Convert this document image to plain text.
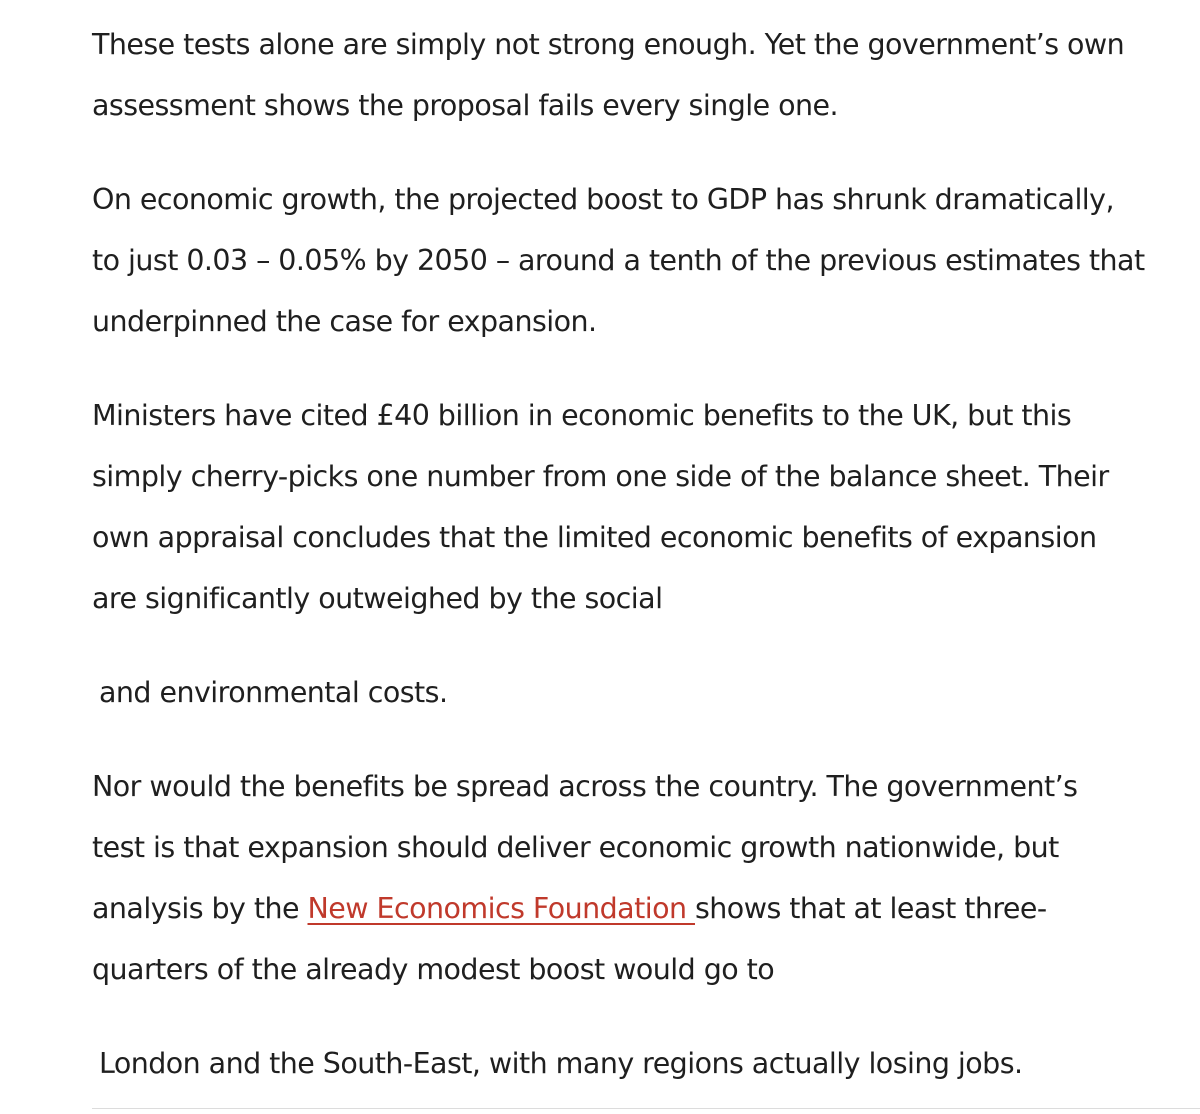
These tests alone are simply not strong enough. Yet the government’s own
assessment shows the proposal fails every single one.

On economic growth, the projected boost to GDP has shrunk dramatically,
to just 0.03 – 0.05% by 2050 – around a tenth of the previous estimates that
underpinned the case for expansion.

Ministers have cited £40 billion in economic benefits to the UK, but this
simply cherry-picks one number from one side of the balance sheet. Their
own appraisal concludes that the limited economic benefits of expansion
are significantly outweighed by the social

and environmental costs.

Nor would the benefits be spread across the country. The government’s
test is that expansion should deliver economic growth nationwide, but
analysis by the New Economics Foundation shows that at least three-
quarters of the already modest boost would go to

London and the South-East, with many regions actually losing jobs.
